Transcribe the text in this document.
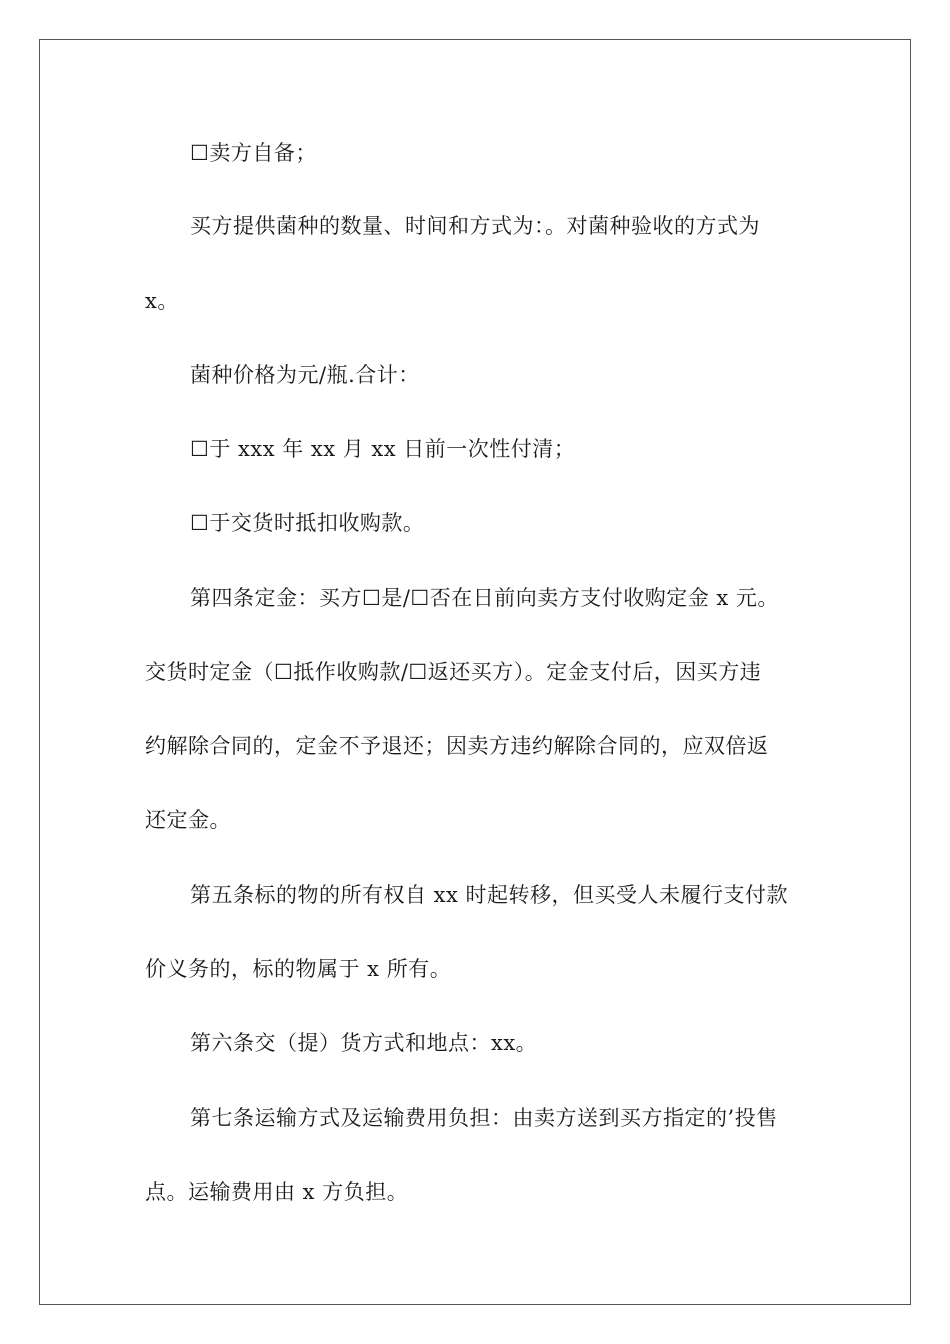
☐卖方自备；
买方提供菌种的数量、时间和方式为：。对菌种验收的方式为
x。
菌种价格为元/瓶.合计：
☐于 xxx 年 xx 月 xx 日前一次性付清；
☐于交货时抵扣收购款。
第四条定金：买方☐是/☐否在日前向卖方支付收购定金 x 元。
交货时定金（☐抵作收购款/☐返还买方）。定金支付后，因买方违
约解除合同的，定金不予退还；因卖方违约解除合同的，应双倍返
还定金。
第五条标的物的所有权自 xx 时起转移，但买受人未履行支付款
价义务的，标的物属于 x 所有。
第六条交（提）货方式和地点：xx。
第七条运输方式及运输费用负担：由卖方送到买方指定的’投售
点。运输费用由 x 方负担。
